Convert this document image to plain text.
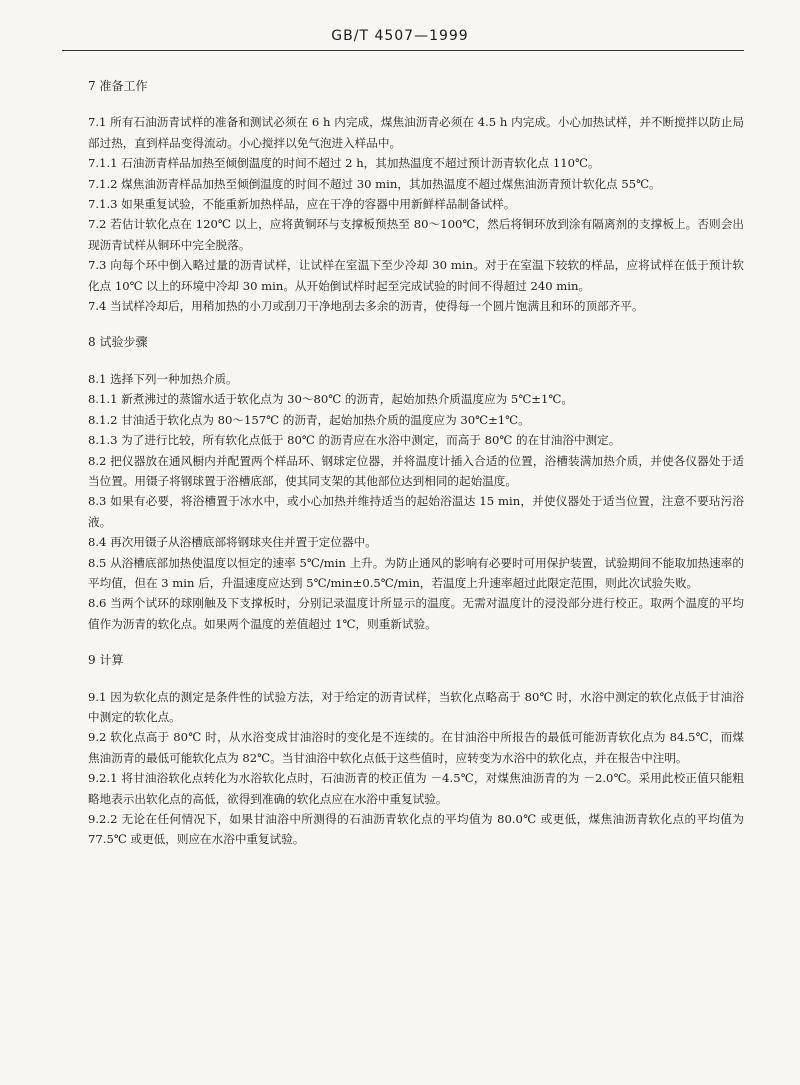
GB/T 4507—1999
7 准备工作

7.1 所有石油沥青试样的准备和测试必须在 6 h 内完成，煤焦油沥青必须在 4.5 h 内完成。小心加热试样，并不断搅拌以防止局部过热，直到样品变得流动。小心搅拌以免气泡进入样品中。

7.1.1 石油沥青样品加热至倾倒温度的时间不超过 2 h，其加热温度不超过预计沥青软化点 110℃。

7.1.2 煤焦油沥青样品加热至倾倒温度的时间不超过 30 min，其加热温度不超过煤焦油沥青预计软化点 55℃。

7.1.3 如果重复试验，不能重新加热样品，应在干净的容器中用新鲜样品制备试样。

7.2 若估计软化点在 120℃ 以上，应将黄铜环与支撑板预热至 80～100℃，然后将铜环放到涂有隔离剂的支撑板上。否则会出现沥青试样从铜环中完全脱落。

7.3 向每个环中倒入略过量的沥青试样，让试样在室温下至少冷却 30 min。对于在室温下较软的样品，应将试样在低于预计软化点 10℃ 以上的环境中冷却 30 min。从开始倒试样时起至完成试验的时间不得超过 240 min。

7.4 当试样冷却后，用稍加热的小刀或刮刀干净地刮去多余的沥青，使得每一个圆片饱满且和环的顶部齐平。

8 试验步骤

8.1 选择下列一种加热介质。

8.1.1 新煮沸过的蒸馏水适于软化点为 30～80℃ 的沥青，起始加热介质温度应为 5℃±1℃。

8.1.2 甘油适于软化点为 80～157℃ 的沥青，起始加热介质的温度应为 30℃±1℃。

8.1.3 为了进行比较，所有软化点低于 80℃ 的沥青应在水浴中测定，而高于 80℃ 的在甘油浴中测定。

8.2 把仪器放在通风橱内并配置两个样品环、钢球定位器，并将温度计插入合适的位置，浴槽装满加热介质，并使各仪器处于适当位置。用镊子将钢球置于浴槽底部，使其同支架的其他部位达到相同的起始温度。

8.3 如果有必要，将浴槽置于冰水中，或小心加热并维持适当的起始浴温达 15 min，并使仪器处于适当位置，注意不要玷污浴液。

8.4 再次用镊子从浴槽底部将钢球夹住并置于定位器中。

8.5 从浴槽底部加热使温度以恒定的速率 5℃/min 上升。为防止通风的影响有必要时可用保护装置，试验期间不能取加热速率的平均值，但在 3 min 后，升温速度应达到 5℃/min±0.5℃/min，若温度上升速率超过此限定范围，则此次试验失败。

8.6 当两个试环的球刚触及下支撑板时，分别记录温度计所显示的温度。无需对温度计的浸没部分进行校正。取两个温度的平均值作为沥青的软化点。如果两个温度的差值超过 1℃，则重新试验。

9 计算

9.1 因为软化点的测定是条件性的试验方法，对于给定的沥青试样，当软化点略高于 80℃ 时，水浴中测定的软化点低于甘油浴中测定的软化点。

9.2 软化点高于 80℃ 时，从水浴变成甘油浴时的变化是不连续的。在甘油浴中所报告的最低可能沥青软化点为 84.5℃，而煤焦油沥青的最低可能软化点为 82℃。当甘油浴中软化点低于这些值时，应转变为水浴中的软化点，并在报告中注明。

9.2.1 将甘油浴软化点转化为水浴软化点时，石油沥青的校正值为 －4.5℃，对煤焦油沥青的为 －2.0℃。采用此校正值只能粗略地表示出软化点的高低，欲得到准确的软化点应在水浴中重复试验。

9.2.2 无论在任何情况下，如果甘油浴中所测得的石油沥青软化点的平均值为 80.0℃ 或更低，煤焦油沥青软化点的平均值为 77.5℃ 或更低，则应在水浴中重复试验。
